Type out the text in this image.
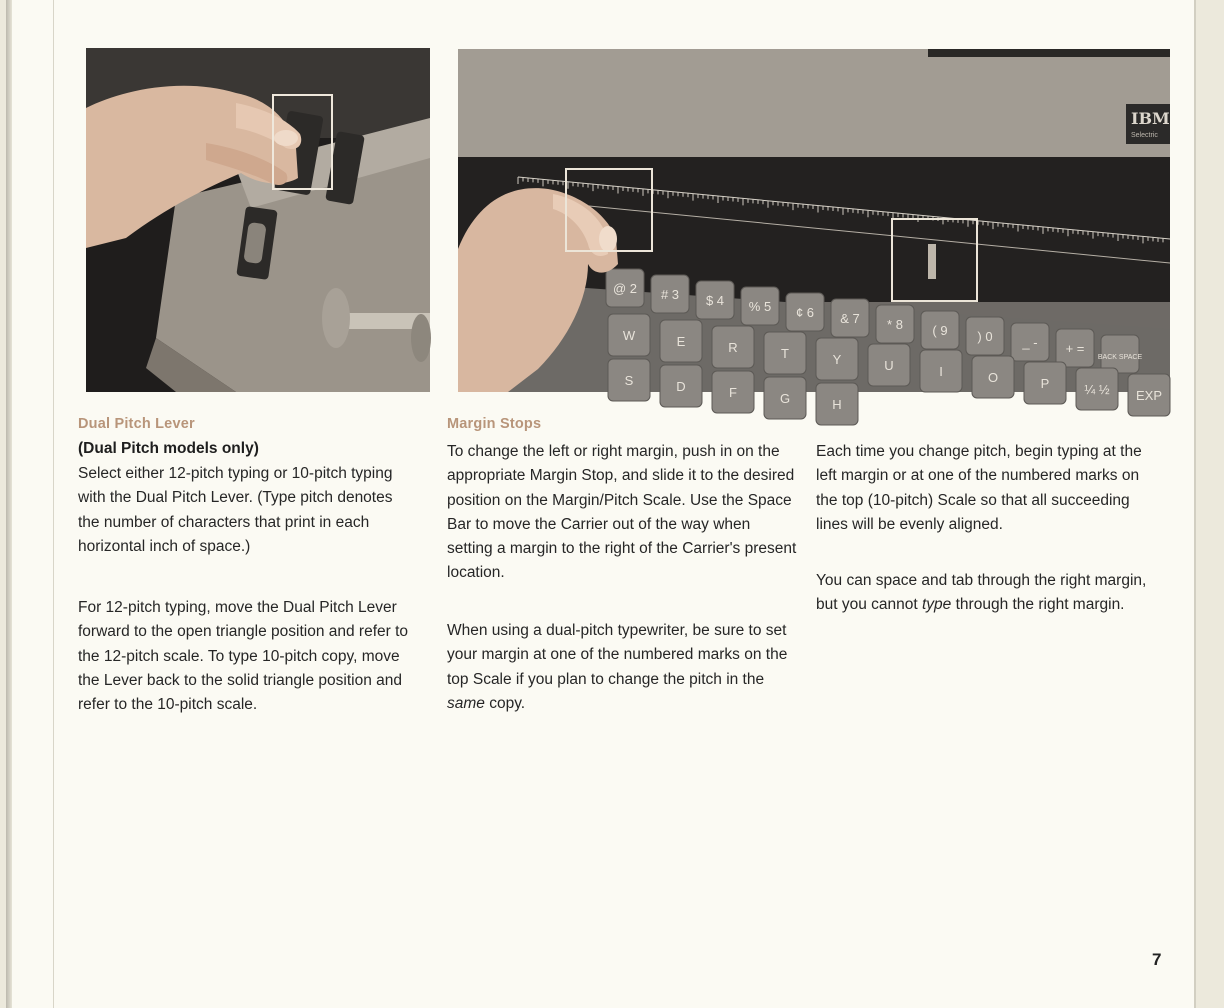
IBM
Selectric
@ 2 # 3 $ 4 % 5 ¢ 6 & 7 * 8 ( 9 ) 0 _ - + =
BACK SPACE
W	E	R	T	Y	U	I	O	P	¼ ½ EXP
S	D	F	G	H

Dual Pitch Lever

(Dual Pitch models only)

Select either 12-pitch typing or 10-pitch typing with the Dual Pitch Lever. (Type pitch denotes the number of characters that print in each horizontal inch of space.)

For 12-pitch typing, move the Dual Pitch Lever forward to the open triangle position and refer to the 12-pitch scale. To type 10-pitch copy, move the Lever back to the solid triangle position and refer to the 10-pitch scale.

Margin Stops

To change the left or right margin, push in on the appropriate Margin Stop, and slide it to the desired position on the Margin/Pitch Scale. Use the Space Bar to move the Carrier out of the way when setting a margin to the right of the Carrier's present location.

When using a dual-pitch typewriter, be sure to set your margin at one of the numbered marks on the top Scale if you plan to change the pitch in the same copy.

Each time you change pitch, begin typing at the left margin or at one of the numbered marks on the top (10-pitch) Scale so that all succeeding lines will be evenly aligned.

You can space and tab through the right margin, but you cannot type through the right margin.

7
